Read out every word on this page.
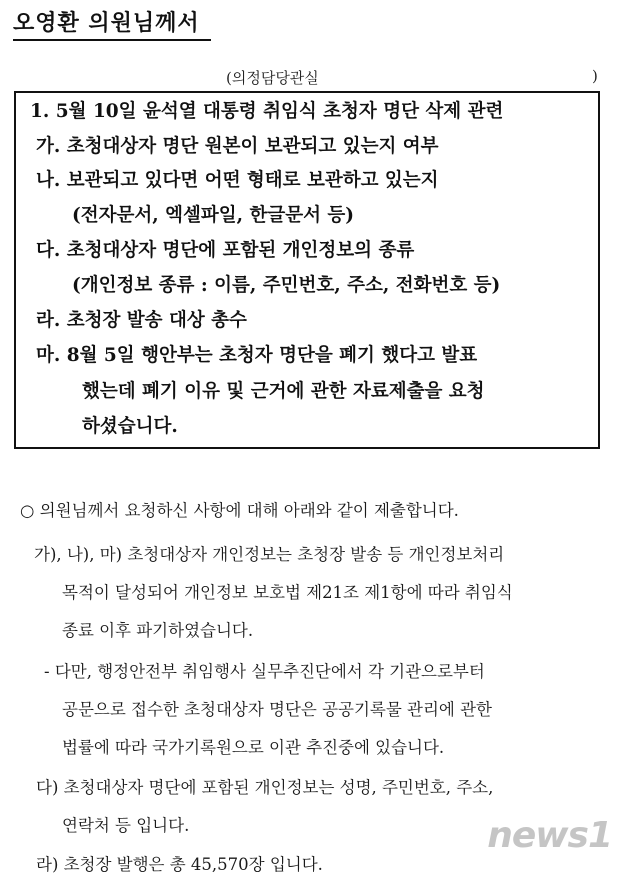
오영환 의원님께서
(의정담당관실	)
1. 5월 10일 윤석열 대통령 취임식 초청자 명단 삭제 관련
가. 초청대상자 명단 원본이 보관되고 있는지 여부
나. 보관되고 있다면 어떤 형태로 보관하고 있는지
(전자문서, 엑셀파일, 한글문서 등)
다. 초청대상자 명단에 포함된 개인정보의 종류
(개인정보 종류 : 이름, 주민번호, 주소, 전화번호 등)
라. 초청장 발송 대상 총수
마. 8월 5일 행안부는 초청자 명단을 폐기 했다고 발표
했는데 폐기 이유 및 근거에 관한 자료제출을 요청
하셨습니다.
○ 의원님께서 요청하신 사항에 대해 아래와 같이 제출합니다.
가), 나), 마) 초청대상자 개인정보는 초청장 발송 등 개인정보처리
목적이 달성되어 개인정보 보호법 제21조 제1항에 따라 취임식
종료 이후 파기하였습니다.
- 다만, 행정안전부 취임행사 실무추진단에서 각 기관으로부터
공문으로 접수한 초청대상자 명단은 공공기록물 관리에 관한
법률에 따라 국가기록원으로 이관 추진중에 있습니다.
다) 초청대상자 명단에 포함된 개인정보는 성명, 주민번호, 주소,
연락처 등 입니다.
라) 초청장 발행은 총 45,570장 입니다.
news1
